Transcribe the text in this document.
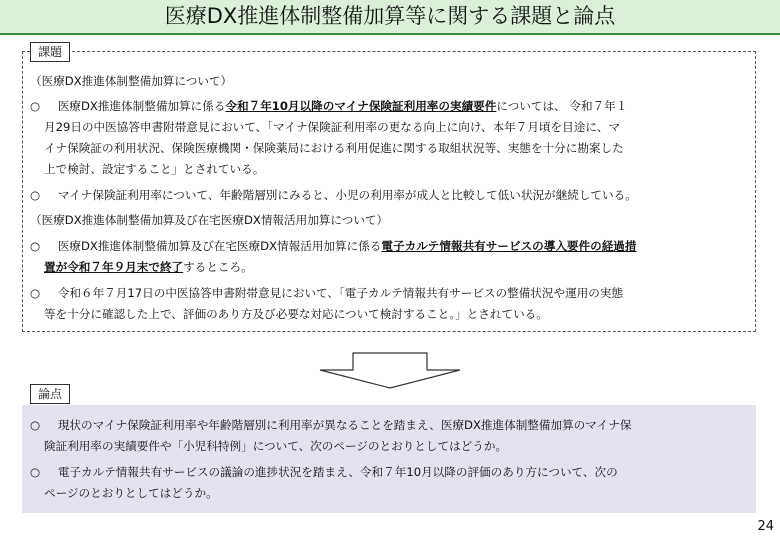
医療DX推進体制整備加算等に関する課題と論点
課題
（医療DX推進体制整備加算について）
○ 医療DX推進体制整備加算に係る令和７年10月以降のマイナ保険証利用率の実績要件については、 令和７年１
月29日の中医協答申書附帯意見において、「マイナ保険証利用率の更なる向上に向け、本年７月頃を目途に、マ
イナ保険証の利用状況、保険医療機関・保険薬局における利用促進に関する取組状況等、実態を十分に勘案した
上で検討、設定すること」とされている。
○ マイナ保険証利用率について、年齢階層別にみると、小児の利用率が成人と比較して低い状況が継続している。
（医療DX推進体制整備加算及び在宅医療DX情報活用加算について）
○ 医療DX推進体制整備加算及び在宅医療DX情報活用加算に係る電子カルテ情報共有サービスの導入要件の経過措
置が令和７年９月末で終了するところ。
○ 令和６年７月17日の中医協答申書附帯意見において、「電子カルテ情報共有サービスの整備状況や運用の実態
等を十分に確認した上で、評価のあり方及び必要な対応について検討すること。」とされている。
論点
○ 現状のマイナ保険証利用率や年齢階層別に利用率が異なることを踏まえ、医療DX推進体制整備加算のマイナ保
険証利用率の実績要件や「小児科特例」について、次のページのとおりとしてはどうか。
○ 電子カルテ情報共有サービスの議論の進捗状況を踏まえ、令和７年10月以降の評価のあり方について、次の
ページのとおりとしてはどうか。
24
